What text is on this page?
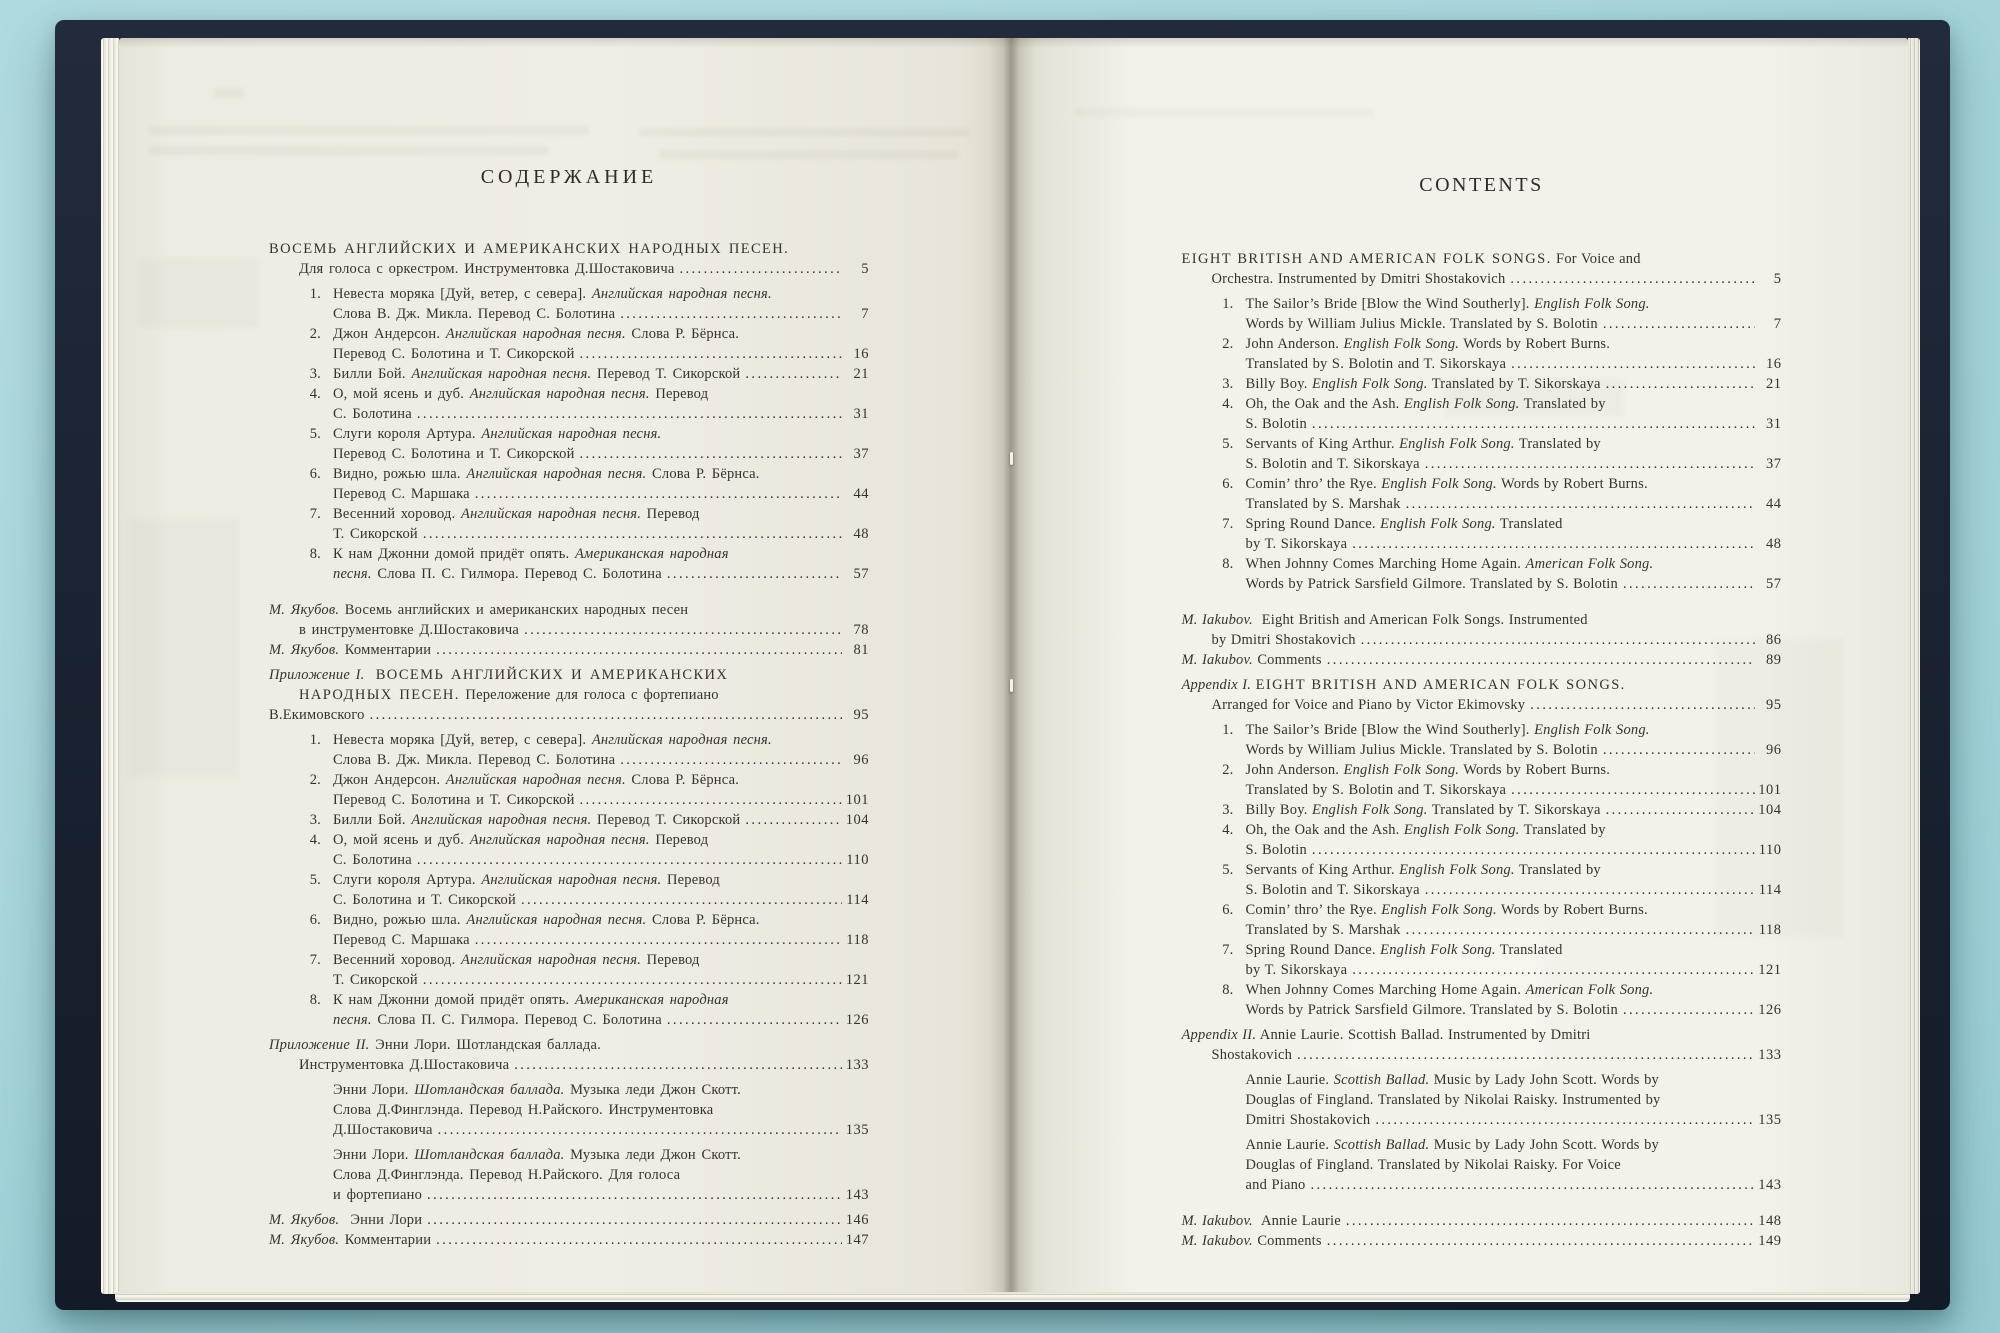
СОДЕРЖАНИЕ
ВОСЕМЬ АНГЛИЙСКИХ И АМЕРИКАНСКИХ НАРОДНЫХ ПЕСЕН.
Для голоса с оркестром. Инструментовка Д.Шостаковича .....	5
1. Невеста моряка [Дуй, ветер, с севера]. Английская народная песня.
Слова В. Дж. Микла. Перевод С. Болотина .....	7
2. Джон Андерсон. Английская народная песня. Слова Р. Бёрнса.
Перевод С. Болотина и Т. Сикорской .....	16
3. Билли Бой. Английская народная песня. Перевод Т. Сикорской .....	21
4. О, мой ясень и дуб. Английская народная песня. Перевод
С. Болотина .....	31
5. Слуги короля Артура. Английская народная песня.
Перевод С. Болотина и Т. Сикорской .....	37
6. Видно, рожью шла. Английская народная песня. Слова Р. Бёрнса.
Перевод С. Маршака .....	44
7. Весенний хоровод. Английская народная песня. Перевод
Т. Сикорской .....	48
8. К нам Джонни домой придёт опять. Американская народная
песня. Слова П. С. Гилмора. Перевод С. Болотина .....	57
М. Якубов. Восемь английских и американских народных песен
в инструментовке Д.Шостаковича .....	78
М. Якубов. Комментарии .....	81
Приложение I. ВОСЕМЬ АНГЛИЙСКИХ И АМЕРИКАНСКИХ
НАРОДНЫХ ПЕСЕН. Переложение для голоса с фортепиано
В.Екимовского .....	95
1. Невеста моряка [Дуй, ветер, с севера]. Английская народная песня.
Слова В. Дж. Микла. Перевод С. Болотина .....	96
2. Джон Андерсон. Английская народная песня. Слова Р. Бёрнса.
Перевод С. Болотина и Т. Сикорской .....	101
3. Билли Бой. Английская народная песня. Перевод Т. Сикорской .....	104
4. О, мой ясень и дуб. Английская народная песня. Перевод
С. Болотина .....	110
5. Слуги короля Артура. Английская народная песня. Перевод
С. Болотина и Т. Сикорской .....	114
6. Видно, рожью шла. Английская народная песня. Слова Р. Бёрнса.
Перевод С. Маршака .....	118
7. Весенний хоровод. Английская народная песня. Перевод
Т. Сикорской .....	121
8. К нам Джонни домой придёт опять. Американская народная
песня. Слова П. С. Гилмора. Перевод С. Болотина .....	126
Приложение II. Энни Лори. Шотландская баллада.
Инструментовка Д.Шостаковича .....	133
Энни Лори. Шотландская баллада. Музыка леди Джон Скотт.
Слова Д.Финглэнда. Перевод Н.Райского. Инструментовка
Д.Шостаковича .....	135
Энни Лори. Шотландская баллада. Музыка леди Джон Скотт.
Слова Д.Финглэнда. Перевод Н.Райского. Для голоса
и фортепиано .....	143
М. Якубов.  Энни Лори .....	146
М. Якубов. Комментарии .....	147
CONTENTS
EIGHT BRITISH AND AMERICAN FOLK SONGS. For Voice and
Orchestra. Instrumented by Dmitri Shostakovich .....	5
1. The Sailor’s Bride [Blow the Wind Southerly]. English Folk Song.
Words by William Julius Mickle. Translated by S. Bolotin .....	7
2. John Anderson. English Folk Song. Words by Robert Burns.
Translated by S. Bolotin and T. Sikorskaya .....	16
3. Billy Boy. English Folk Song. Translated by T. Sikorskaya .....	21
4. Oh, the Oak and the Ash. English Folk Song. Translated by
S. Bolotin .....	31
5. Servants of King Arthur. English Folk Song. Translated by
S. Bolotin and T. Sikorskaya .....	37
6. Comin’ thro’ the Rye. English Folk Song. Words by Robert Burns.
Translated by S. Marshak .....	44
7. Spring Round Dance. English Folk Song. Translated
by T. Sikorskaya .....	48
8. When Johnny Comes Marching Home Again. American Folk Song.
Words by Patrick Sarsfield Gilmore. Translated by S. Bolotin .....	57
M. Iakubov.  Eight British and American Folk Songs. Instrumented
by Dmitri Shostakovich .....	86
M. Iakubov. Comments .....	89
Appendix I. EIGHT BRITISH AND AMERICAN FOLK SONGS.
Arranged for Voice and Piano by Victor Ekimovsky .....	95
1. The Sailor’s Bride [Blow the Wind Southerly]. English Folk Song.
Words by William Julius Mickle. Translated by S. Bolotin .....	96
2. John Anderson. English Folk Song. Words by Robert Burns.
Translated by S. Bolotin and T. Sikorskaya .....	101
3. Billy Boy. English Folk Song. Translated by T. Sikorskaya .....	104
4. Oh, the Oak and the Ash. English Folk Song. Translated by
S. Bolotin .....	110
5. Servants of King Arthur. English Folk Song. Translated by
S. Bolotin and T. Sikorskaya .....	114
6. Comin’ thro’ the Rye. English Folk Song. Words by Robert Burns.
Translated by S. Marshak .....	118
7. Spring Round Dance. English Folk Song. Translated
by T. Sikorskaya .....	121
8. When Johnny Comes Marching Home Again. American Folk Song.
Words by Patrick Sarsfield Gilmore. Translated by S. Bolotin .....	126
Appendix II. Annie Laurie. Scottish Ballad. Instrumented by Dmitri
Shostakovich .....	133
Annie Laurie. Scottish Ballad. Music by Lady John Scott. Words by
Douglas of Fingland. Translated by Nikolai Raisky. Instrumented by
Dmitri Shostakovich .....	135
Annie Laurie. Scottish Ballad. Music by Lady John Scott. Words by
Douglas of Fingland. Translated by Nikolai Raisky. For Voice
and Piano .....	143
M. Iakubov.  Annie Laurie .....	148
M. Iakubov. Comments .....	149
